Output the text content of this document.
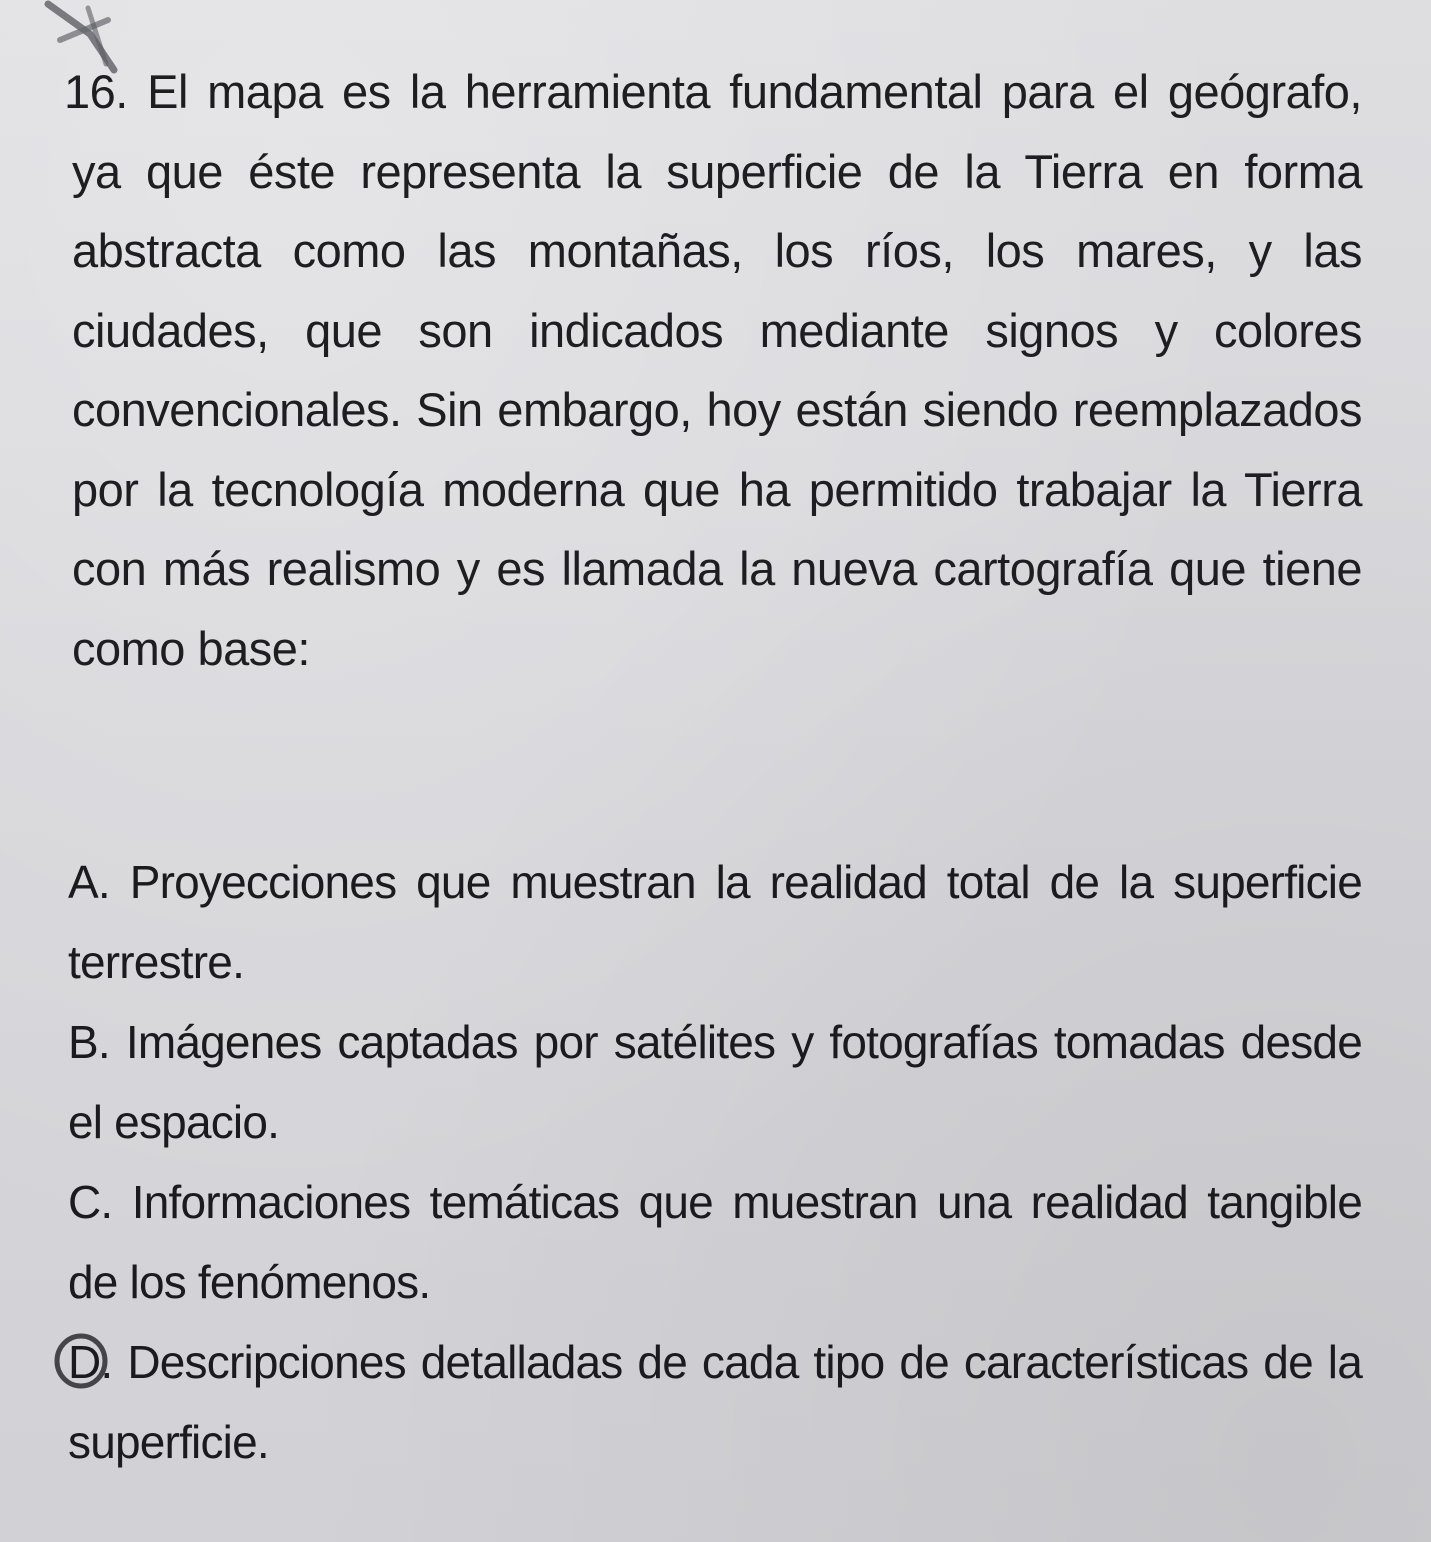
16. El mapa es la herramienta fundamental para el geógrafo, ya que éste representa la superficie de la Tierra en forma abstracta como las montañas, los ríos, los mares, y las ciudades, que son indicados mediante signos y colores convencionales. Sin embargo, hoy están siendo reemplazados por la tecnología moderna que ha permitido trabajar la Tierra con más realismo y es llamada la nueva cartografía que tiene como base:
A. Proyecciones que muestran la realidad total de la superficie terrestre.
B. Imágenes captadas por satélites y fotografías tomadas desde el espacio.
C. Informaciones temáticas que muestran una realidad tangible de los fenómenos.
D. Descripciones detalladas de cada tipo de características de la superficie.
